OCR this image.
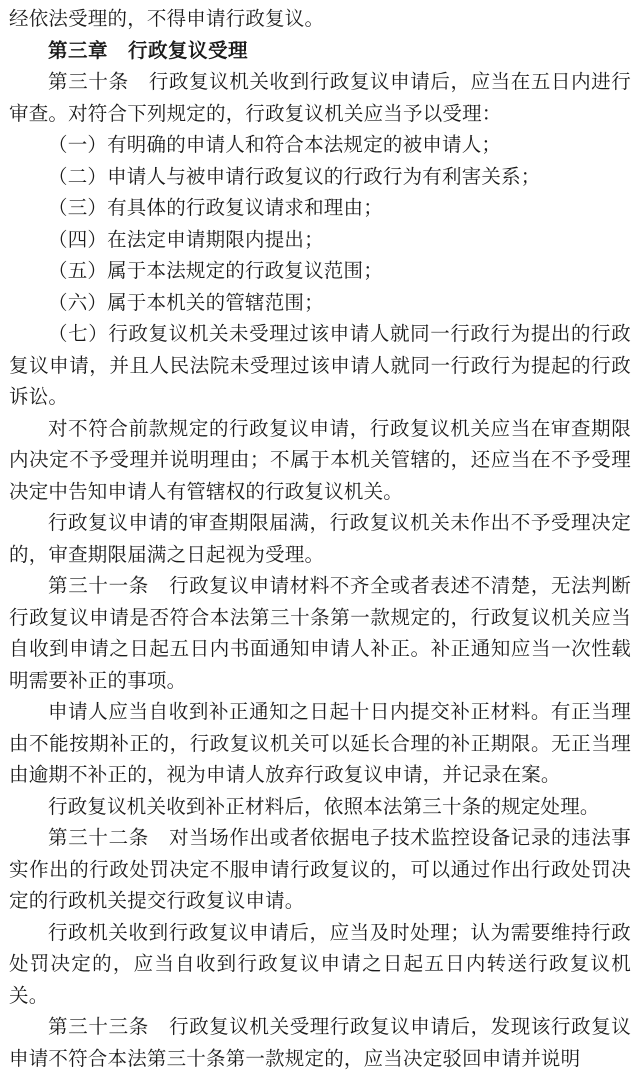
经依法受理的，不得申请行政复议。

第三章　行政复议受理

第三十条　 行政复议机关收到行政复议申请后，应当在五日内进行审查。对符合下列规定的，行政复议机关应当予以受理：

（一）有明确的申请人和符合本法规定的被申请人；

（二）申请人与被申请行政复议的行政行为有利害关系；

（三）有具体的行政复议请求和理由；

（四）在法定申请期限内提出；

（五）属于本法规定的行政复议范围；

（六）属于本机关的管辖范围；

（七）行政复议机关未受理过该申请人就同一行政行为提出的行政复议申请，并且人民法院未受理过该申请人就同一行政行为提起的行政诉讼。

对不符合前款规定的行政复议申请，行政复议机关应当在审查期限内决定不予受理并说明理由；不属于本机关管辖的，还应当在不予受理决定中告知申请人有管辖权的行政复议机关。

行政复议申请的审查期限届满，行政复议机关未作出不予受理决定的，审查期限届满之日起视为受理。

第三十一条　 行政复议申请材料不齐全或者表述不清楚，无法判断行政复议申请是否符合本法第三十条第一款规定的，行政复议机关应当自收到申请之日起五日内书面通知申请人补正。补正通知应当一次性载明需要补正的事项。

申请人应当自收到补正通知之日起十日内提交补正材料。有正当理由不能按期补正的，行政复议机关可以延长合理的补正期限。无正当理由逾期不补正的，视为申请人放弃行政复议申请，并记录在案。

行政复议机关收到补正材料后，依照本法第三十条的规定处理。

第三十二条　 对当场作出或者依据电子技术监控设备记录的违法事实作出的行政处罚决定不服申请行政复议的，可以通过作出行政处罚决定的行政机关提交行政复议申请。

行政机关收到行政复议申请后，应当及时处理；认为需要维持行政处罚决定的，应当自收到行政复议申请之日起五日内转送行政复议机关。

第三十三条　 行政复议机关受理行政复议申请后，发现该行政复议申请不符合本法第三十条第一款规定的，应当决定驳回申请并说明
